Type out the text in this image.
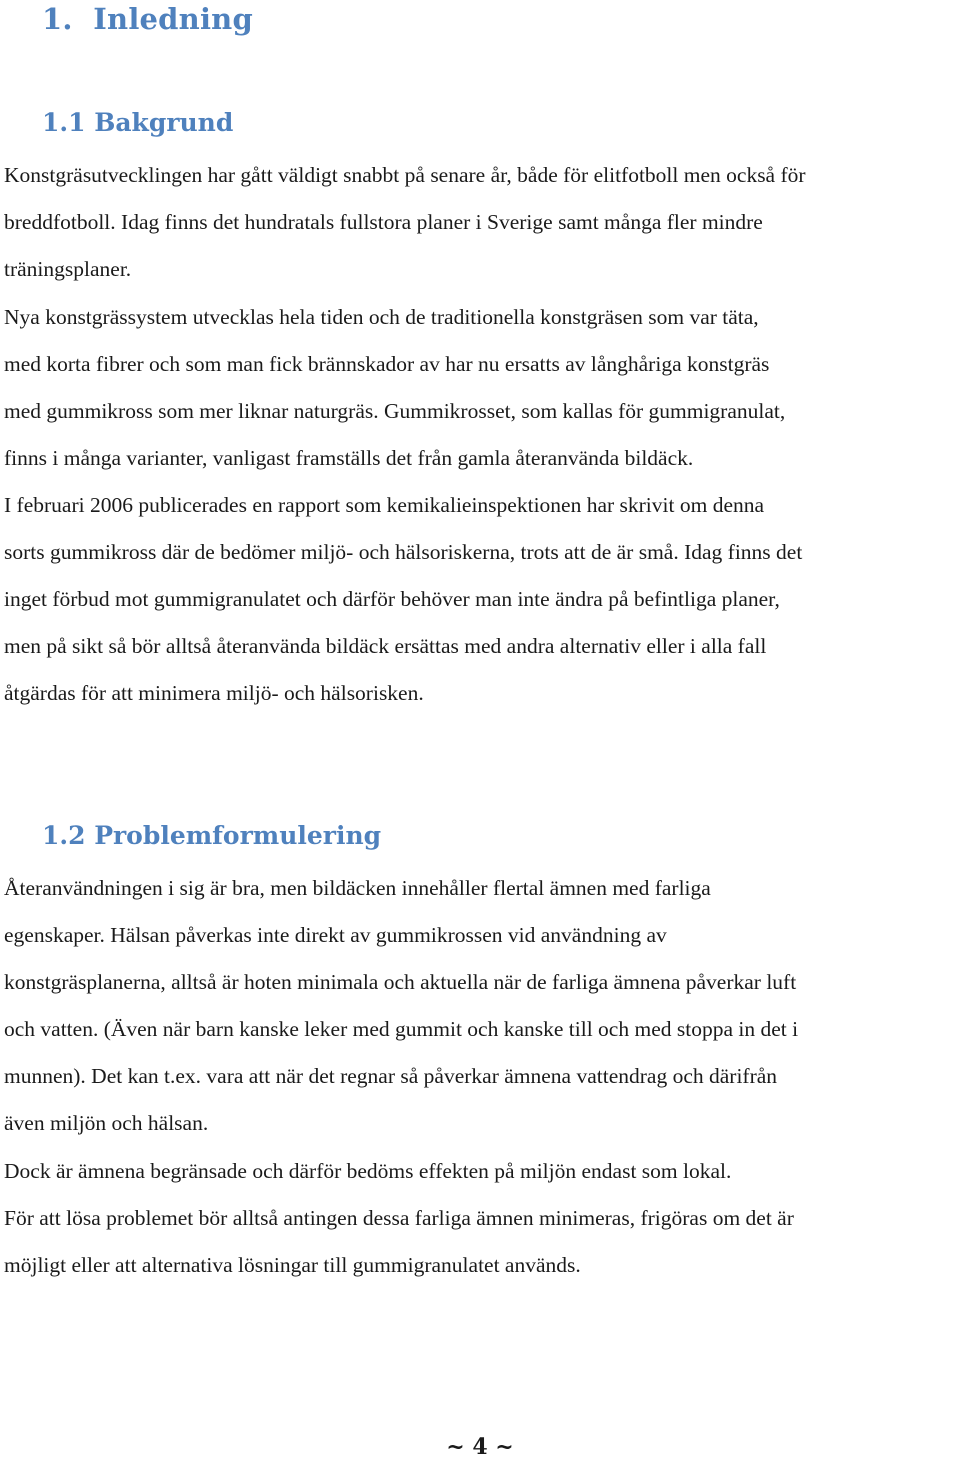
1.  Inledning
1.1 Bakgrund
Konstgräsutvecklingen har gått väldigt snabbt på senare år, både för elitfotboll men också för
breddfotboll. Idag finns det hundratals fullstora planer i Sverige samt många fler mindre
träningsplaner.
Nya konstgrässystem utvecklas hela tiden och de traditionella konstgräsen som var täta,
med korta fibrer och som man fick brännskador av har nu ersatts av långhåriga konstgräs
med gummikross som mer liknar naturgräs. Gummikrosset, som kallas för gummigranulat,
finns i många varianter, vanligast framställs det från gamla återanvända bildäck.
I februari 2006 publicerades en rapport som kemikalieinspektionen har skrivit om denna
sorts gummikross där de bedömer miljö- och hälsoriskerna, trots att de är små. Idag finns det
inget förbud mot gummigranulatet och därför behöver man inte ändra på befintliga planer,
men på sikt så bör alltså återanvända bildäck ersättas med andra alternativ eller i alla fall
åtgärdas för att minimera miljö- och hälsorisken.
1.2 Problemformulering
Återanvändningen i sig är bra, men bildäcken innehåller flertal ämnen med farliga
egenskaper. Hälsan påverkas inte direkt av gummikrossen vid användning av
konstgräsplanerna, alltså är hoten minimala och aktuella när de farliga ämnena påverkar luft
och vatten. (Även när barn kanske leker med gummit och kanske till och med stoppa in det i
munnen). Det kan t.ex. vara att när det regnar så påverkar ämnena vattendrag och därifrån
även miljön och hälsan.
Dock är ämnena begränsade och därför bedöms effekten på miljön endast som lokal.
För att lösa problemet bör alltså antingen dessa farliga ämnen minimeras, frigöras om det är
möjligt eller att alternativa lösningar till gummigranulatet används.
~ 4 ~
